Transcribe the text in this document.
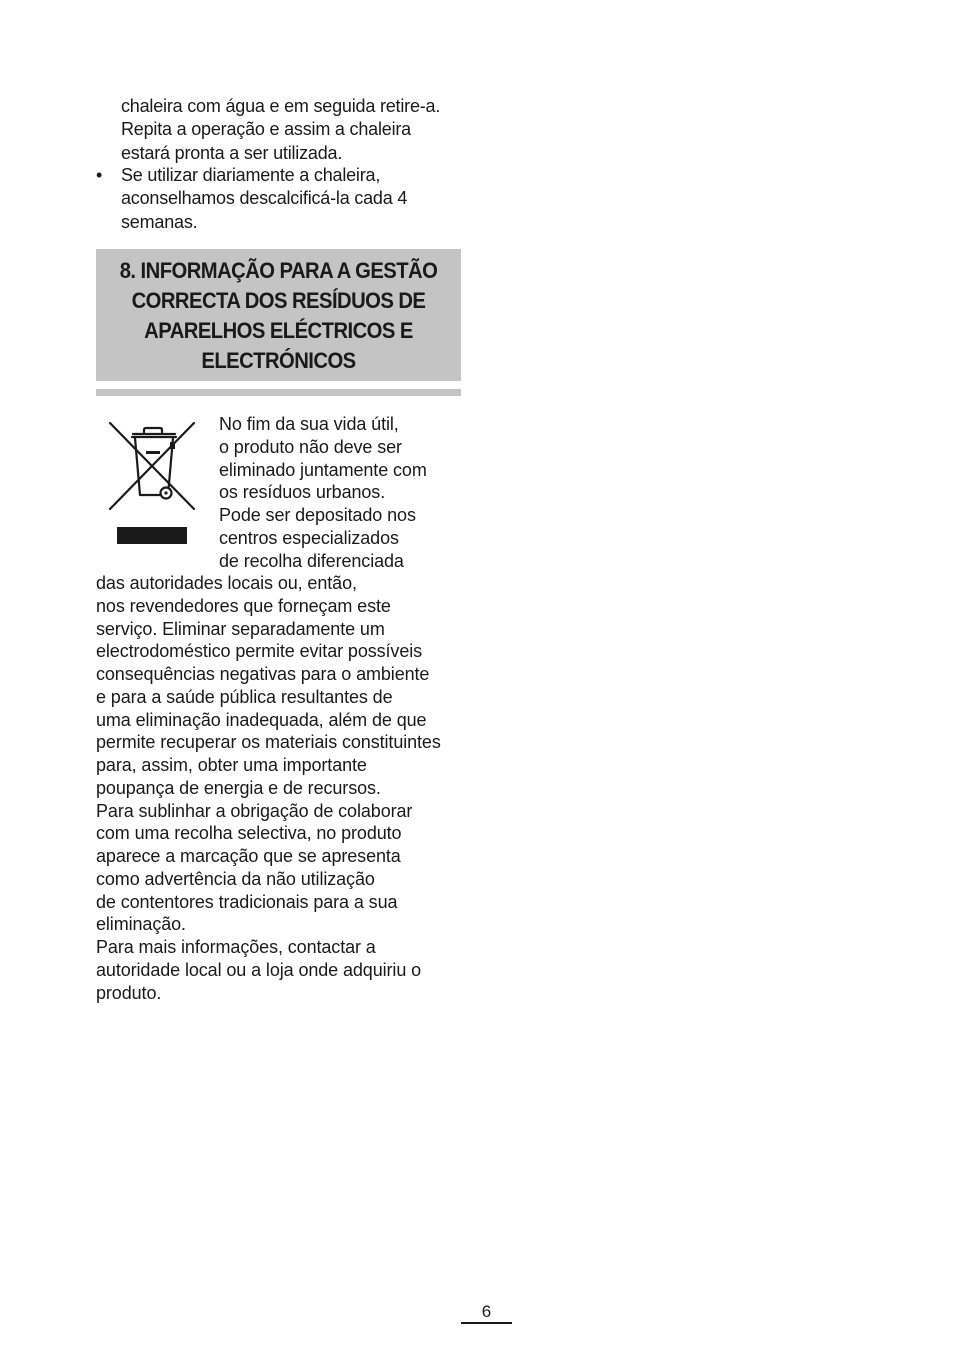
chaleira com água e em seguida retire-a.
Repita a operação e assim a chaleira
estará pronta a ser utilizada.
• Se utilizar diariamente a chaleira,
aconselhamos descalcificá-la cada 4
semanas.
8. INFORMAÇÃO PARA A GESTÃO
CORRECTA DOS RESÍDUOS DE
APARELHOS ELÉCTRICOS E
ELECTRÓNICOS
No fim da sua vida útil,
o produto não deve ser
eliminado juntamente com
os resíduos urbanos.
Pode ser depositado nos
centros especializados
de recolha diferenciada
das autoridades locais ou, então,
nos revendedores que forneçam este
serviço. Eliminar separadamente um
electrodoméstico permite evitar possíveis
consequências negativas para o ambiente
e para a saúde pública resultantes de
uma eliminação inadequada, além de que
permite recuperar os materiais constituintes
para, assim, obter uma importante
poupança de energia e de recursos.
Para sublinhar a obrigação de colaborar
com uma recolha selectiva, no produto
aparece a marcação que se apresenta
como advertência da não utilização
de contentores tradicionais para a sua
eliminação.
Para mais informações, contactar a
autoridade local ou a loja onde adquiriu o
produto.
6
